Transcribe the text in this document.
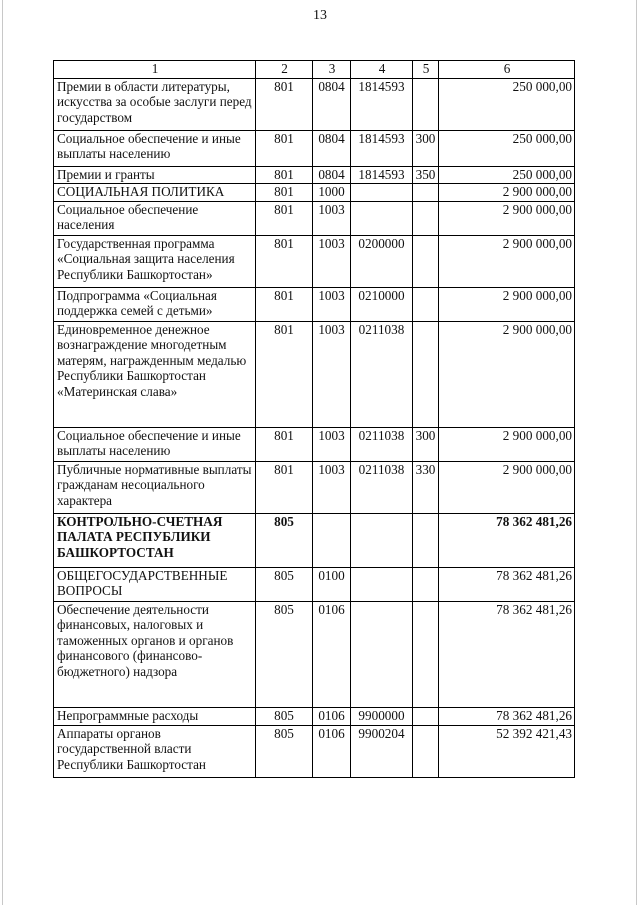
13
1	2	3	4	5	6
Премии в области литературы, искусства за особые заслуги перед государством	801	0804	1814593		250 000,00
Социальное обеспечение и иные выплаты населению	801	0804	1814593	300	250 000,00
Премии и гранты	801	0804	1814593	350	250 000,00
СОЦИАЛЬНАЯ ПОЛИТИКА	801	1000			2 900 000,00
Социальное обеспечение населения	801	1003			2 900 000,00
Государственная программа «Социальная защита населения Республики Башкортостан»	801	1003	0200000		2 900 000,00
Подпрограмма «Социальная поддержка семей с детьми»	801	1003	0210000		2 900 000,00
Единовременное денежное вознаграждение многодетным матерям, награжденным медалью Республики Башкортостан «Материнская слава»	801	1003	0211038		2 900 000,00
Социальное обеспечение и иные выплаты населению	801	1003	0211038	300	2 900 000,00
Публичные нормативные выплаты гражданам несоциального характера	801	1003	0211038	330	2 900 000,00
КОНТРОЛЬНО-СЧЕТНАЯ ПАЛАТА РЕСПУБЛИКИ БАШКОРТОСТАН	805				78 362 481,26
ОБЩЕГОСУДАРСТВЕННЫЕ ВОПРОСЫ	805	0100			78 362 481,26
Обеспечение деятельности финансовых, налоговых и таможенных органов и органов финансового (финансово-бюджетного) надзора	805	0106			78 362 481,26
Непрограммные расходы	805	0106	9900000		78 362 481,26
Аппараты органов государственной власти Республики Башкортостан	805	0106	9900204		52 392 421,43
